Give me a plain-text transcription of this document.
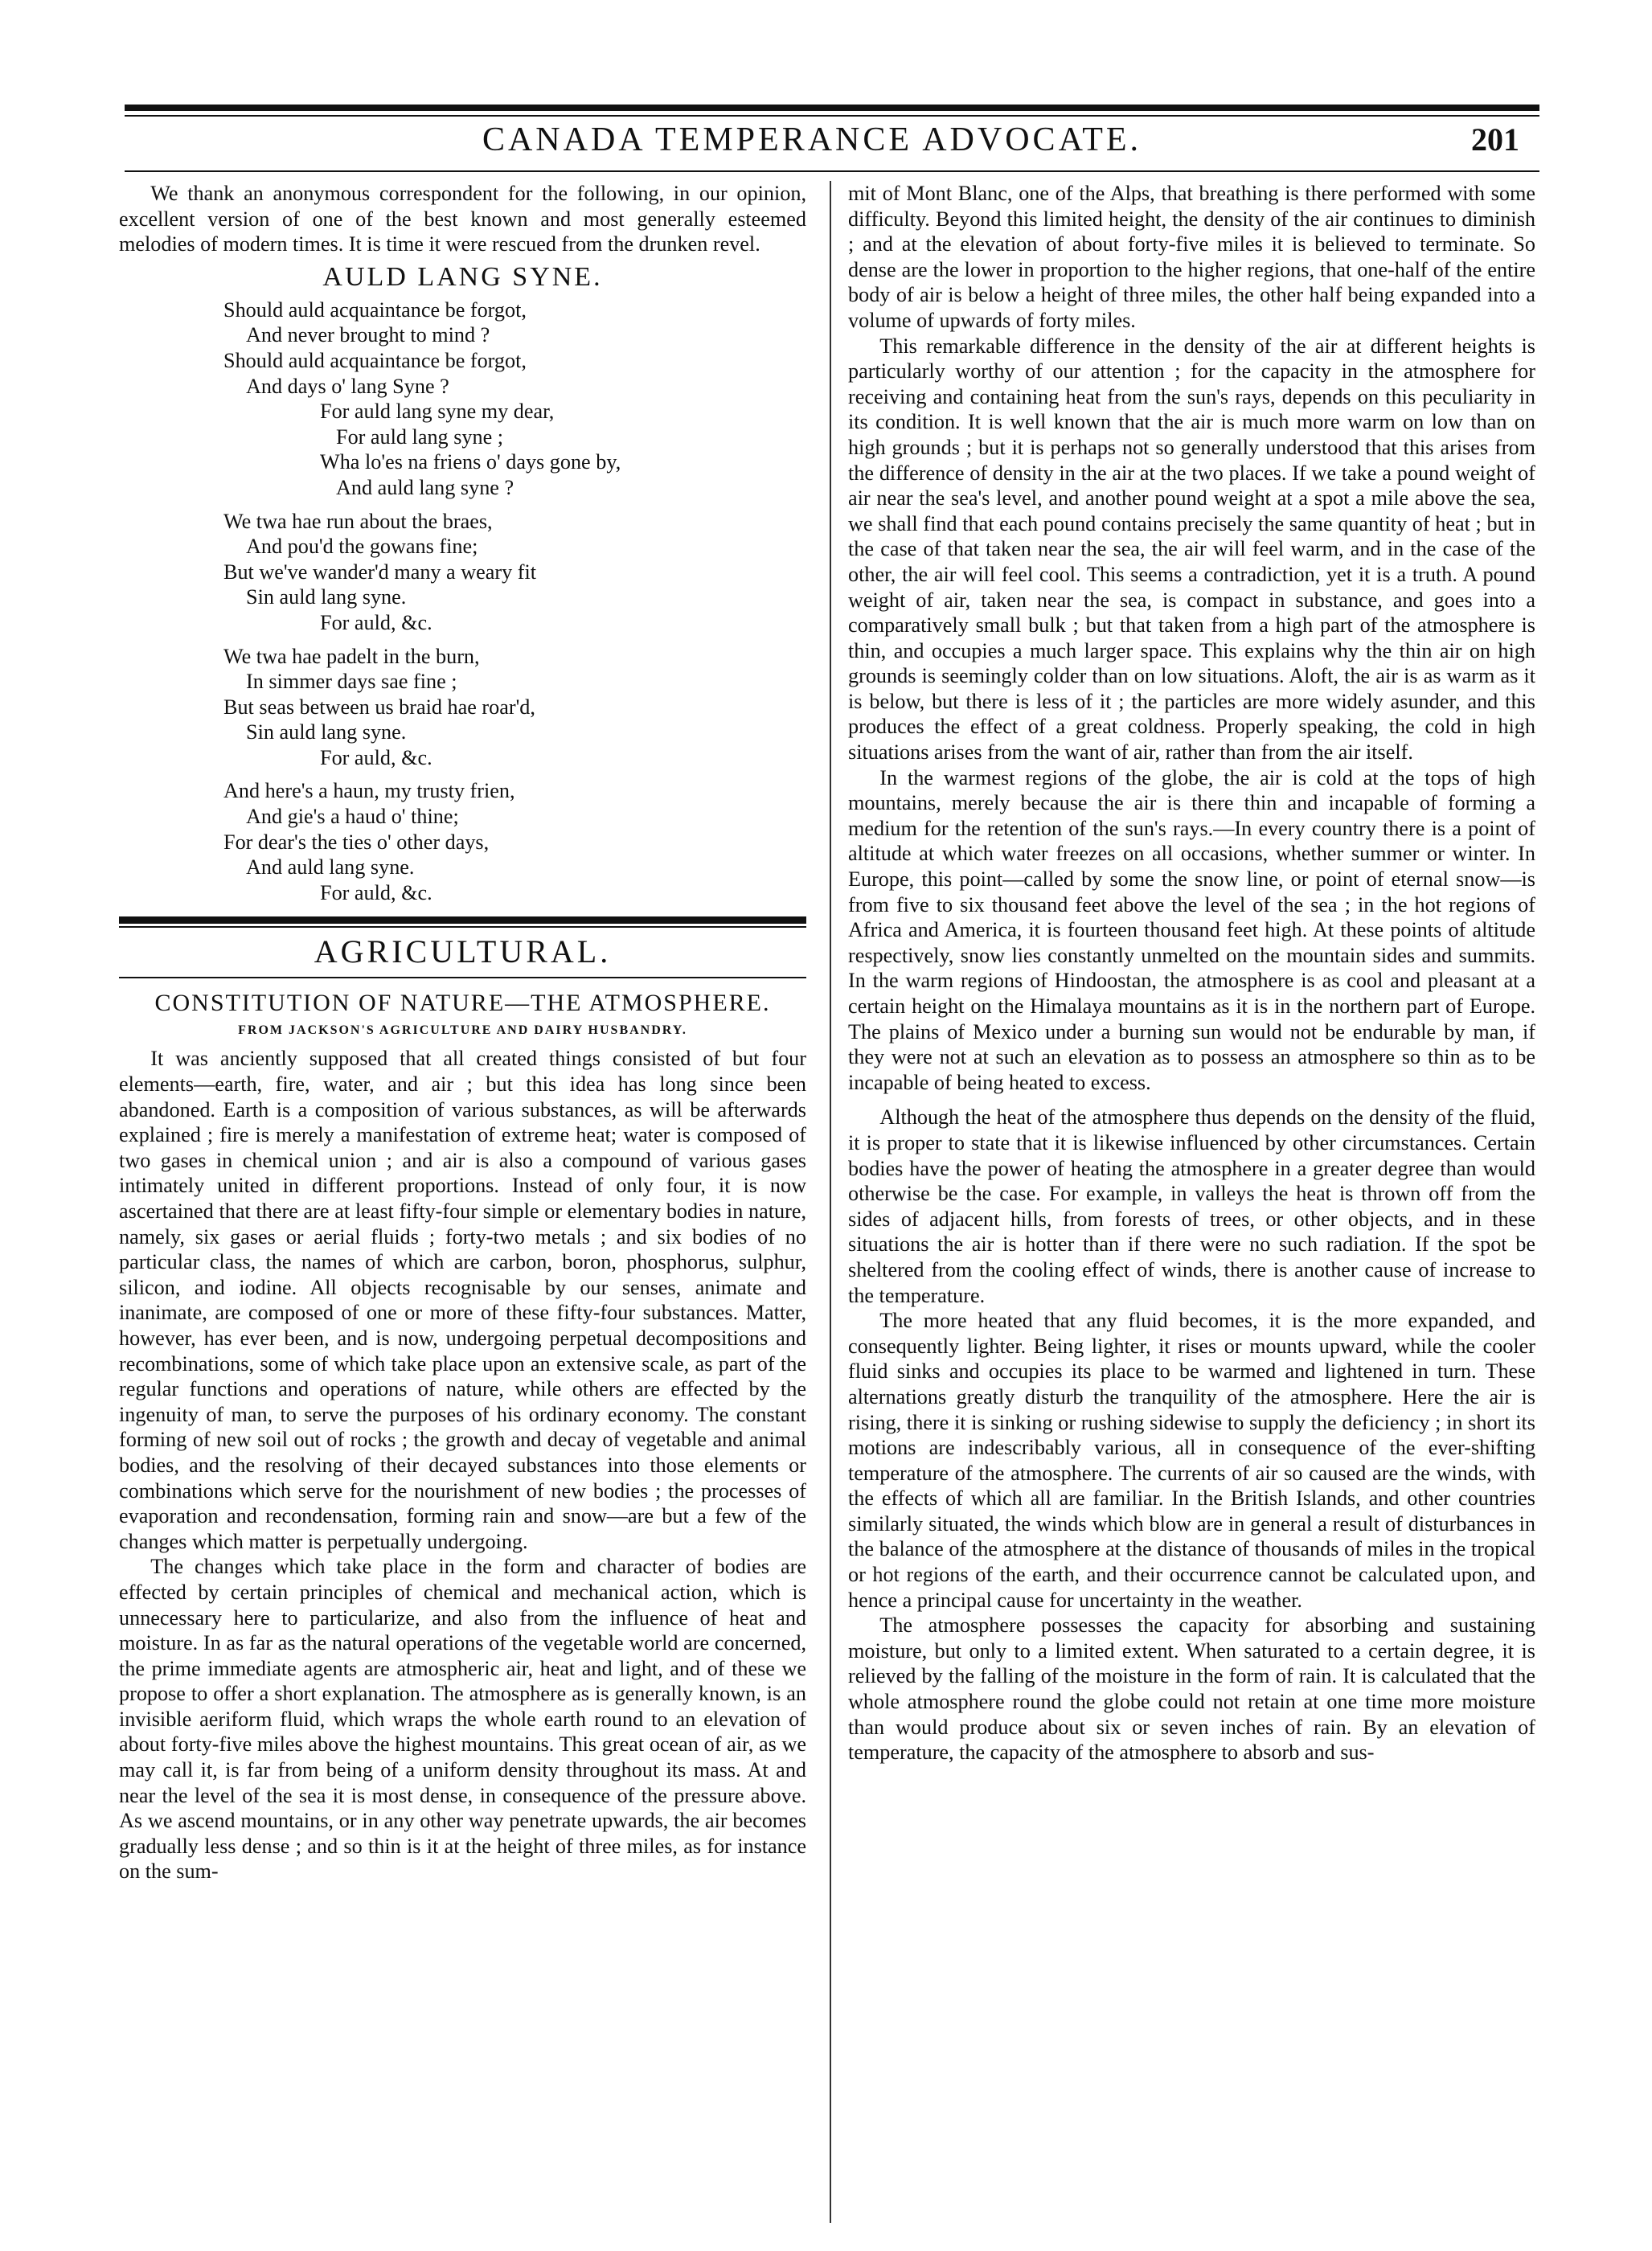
CANADA TEMPERANCE ADVOCATE.	201

We thank an anonymous correspondent for the following, in our opinion, excellent version of one of the best known and most generally esteemed melodies of modern times. It is time it were rescued from the drunken revel.

AULD LANG SYNE.
Should auld acquaintance be forgot,
And never brought to mind ?
Should auld acquaintance be forgot,
And days o' lang Syne ?
For auld lang syne my dear,
For auld lang syne ;
Wha lo'es na friens o' days gone by,
And auld lang syne ?
We twa hae run about the braes,
And pou'd the gowans fine;
But we've wander'd many a weary fit
Sin auld lang syne.
For auld, &c.
We twa hae padelt in the burn,
In simmer days sae fine ;
But seas between us braid hae roar'd,
Sin auld lang syne.
For auld, &c.
And here's a haun, my trusty frien,
And gie's a haud o' thine;
For dear's the ties o' other days,
And auld lang syne.
For auld, &c.
AGRICULTURAL.
CONSTITUTION OF NATURE—THE ATMOSPHERE.
FROM JACKSON'S AGRICULTURE AND DAIRY HUSBANDRY.

It was anciently supposed that all created things consisted of but four elements—earth, fire, water, and air ; but this idea has long since been abandoned. Earth is a composition of various substances, as will be afterwards explained ; fire is merely a manifestation of extreme heat; water is composed of two gases in chemical union ; and air is also a compound of various gases intimately united in different proportions. Instead of only four, it is now ascertained that there are at least fifty-four simple or elementary bodies in nature, namely, six gases or aerial fluids ; forty-two metals ; and six bodies of no particular class, the names of which are carbon, boron, phosphorus, sulphur, silicon, and iodine. All objects recognisable by our senses, animate and inanimate, are composed of one or more of these fifty-four substances. Matter, however, has ever been, and is now, undergoing perpetual decompositions and recombinations, some of which take place upon an extensive scale, as part of the regular functions and operations of nature, while others are effected by the ingenuity of man, to serve the purposes of his ordinary economy. The constant forming of new soil out of rocks ; the growth and decay of vegetable and animal bodies, and the resolving of their decayed substances into those elements or combinations which serve for the nourishment of new bodies ; the processes of evaporation and recondensation, forming rain and snow—are but a few of the changes which matter is perpetually undergoing.

The changes which take place in the form and character of bodies are effected by certain principles of chemical and mechanical action, which is unnecessary here to particularize, and also from the influence of heat and moisture. In as far as the natural operations of the vegetable world are concerned, the prime immediate agents are atmospheric air, heat and light, and of these we propose to offer a short explanation. The atmosphere as is generally known, is an invisible aeriform fluid, which wraps the whole earth round to an elevation of about forty-five miles above the highest mountains. This great ocean of air, as we may call it, is far from being of a uniform density throughout its mass. At and near the level of the sea it is most dense, in consequence of the pressure above. As we ascend mountains, or in any other way penetrate upwards, the air becomes gradually less dense ; and so thin is it at the height of three miles, as for instance on the sum-

mit of Mont Blanc, one of the Alps, that breathing is there performed with some difficulty. Beyond this limited height, the density of the air continues to diminish ; and at the elevation of about forty-five miles it is believed to terminate. So dense are the lower in proportion to the higher regions, that one-half of the entire body of air is below a height of three miles, the other half being expanded into a volume of upwards of forty miles.

This remarkable difference in the density of the air at different heights is particularly worthy of our attention ; for the capacity in the atmosphere for receiving and containing heat from the sun's rays, depends on this peculiarity in its condition. It is well known that the air is much more warm on low than on high grounds ; but it is perhaps not so generally understood that this arises from the difference of density in the air at the two places. If we take a pound weight of air near the sea's level, and another pound weight at a spot a mile above the sea, we shall find that each pound contains precisely the same quantity of heat ; but in the case of that taken near the sea, the air will feel warm, and in the case of the other, the air will feel cool. This seems a contradiction, yet it is a truth. A pound weight of air, taken near the sea, is compact in substance, and goes into a comparatively small bulk ; but that taken from a high part of the atmosphere is thin, and occupies a much larger space. This explains why the thin air on high grounds is seemingly colder than on low situations. Aloft, the air is as warm as it is below, but there is less of it ; the particles are more widely asunder, and this produces the effect of a great coldness. Properly speaking, the cold in high situations arises from the want of air, rather than from the air itself.

In the warmest regions of the globe, the air is cold at the tops of high mountains, merely because the air is there thin and incapable of forming a medium for the retention of the sun's rays.—In every country there is a point of altitude at which water freezes on all occasions, whether summer or winter. In Europe, this point—called by some the snow line, or point of eternal snow—is from five to six thousand feet above the level of the sea ; in the hot regions of Africa and America, it is fourteen thousand feet high. At these points of altitude respectively, snow lies constantly unmelted on the mountain sides and summits. In the warm regions of Hindoostan, the atmosphere is as cool and pleasant at a certain height on the Himalaya mountains as it is in the northern part of Europe. The plains of Mexico under a burning sun would not be endurable by man, if they were not at such an elevation as to possess an atmosphere so thin as to be incapable of being heated to excess.

Although the heat of the atmosphere thus depends on the density of the fluid, it is proper to state that it is likewise influenced by other circumstances. Certain bodies have the power of heating the atmosphere in a greater degree than would otherwise be the case. For example, in valleys the heat is thrown off from the sides of adjacent hills, from forests of trees, or other objects, and in these situations the air is hotter than if there were no such radiation. If the spot be sheltered from the cooling effect of winds, there is another cause of increase to the temperature.

The more heated that any fluid becomes, it is the more expanded, and consequently lighter. Being lighter, it rises or mounts upward, while the cooler fluid sinks and occupies its place to be warmed and lightened in turn. These alternations greatly disturb the tranquility of the atmosphere. Here the air is rising, there it is sinking or rushing sidewise to supply the deficiency ; in short its motions are indescribably various, all in consequence of the ever-shifting temperature of the atmosphere. The currents of air so caused are the winds, with the effects of which all are familiar. In the British Islands, and other countries similarly situated, the winds which blow are in general a result of disturbances in the balance of the atmosphere at the distance of thousands of miles in the tropical or hot regions of the earth, and their occurrence cannot be calculated upon, and hence a principal cause for uncertainty in the weather.

The atmosphere possesses the capacity for absorbing and sustaining moisture, but only to a limited extent. When saturated to a certain degree, it is relieved by the falling of the moisture in the form of rain. It is calculated that the whole atmosphere round the globe could not retain at one time more moisture than would produce about six or seven inches of rain. By an elevation of temperature, the capacity of the atmosphere to absorb and sus-
